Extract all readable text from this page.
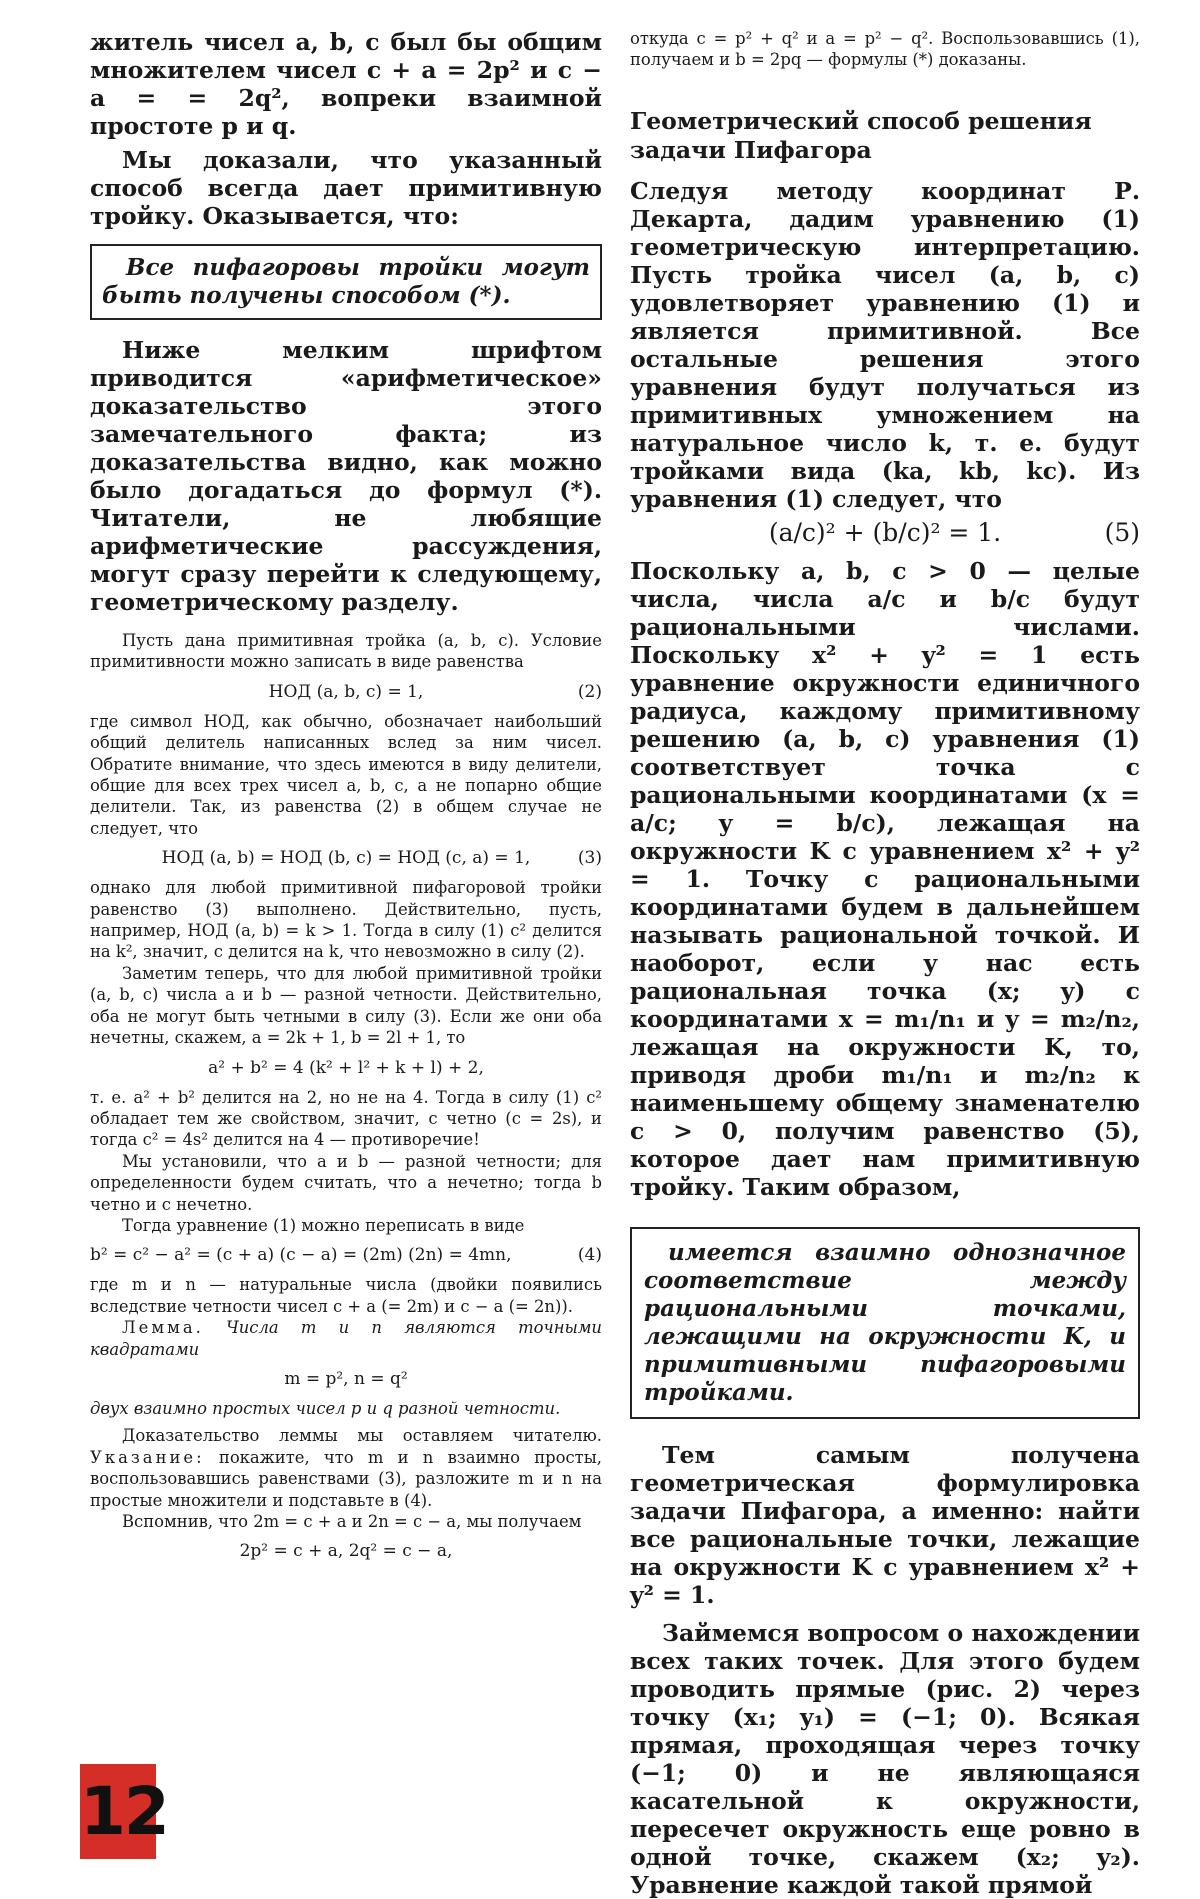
житель чисел a, b, c был бы общим множителем чисел c + a = 2p² и c − a = = 2q², вопреки взаимной простоте p и q.

Мы доказали, что указанный способ всегда дает примитивную тройку. Оказывается, что:

Все пифагоровы тройки могут быть получены способом (*).

Ниже мелким шрифтом приводится «арифметическое» доказательство этого замечательного факта; из доказательства видно, как можно было догадаться до формул (*). Читатели, не любящие арифметические рассуждения, могут сразу перейти к следующему, геометрическому разделу.

Пусть дана примитивная тройка (a, b, c). Условие примитивности можно записать в виде равенства

НОД (a, b, c) = 1,	(2)

где символ НОД, как обычно, обозначает наибольший общий делитель написанных вслед за ним чисел. Обратите внимание, что здесь имеются в виду делители, общие для всех трех чисел a, b, c, а не попарно общие делители. Так, из равенства (2) в общем случае не следует, что

НОД (a, b) = НОД (b, c) = НОД (c, a) = 1,	(3)

однако для любой примитивной пифагоровой тройки равенство (3) выполнено. Действительно, пусть, например, НОД (a, b) = k > 1. Тогда в силу (1) c² делится на k², значит, c делится на k, что невозможно в силу (2).

Заметим теперь, что для любой примитивной тройки (a, b, c) числа a и b — разной четности. Действительно, оба не могут быть четными в силу (3). Если же они оба нечетны, скажем, a = 2k + 1, b = 2l + 1, то

a² + b² = 4 (k² + l² + k + l) + 2,

т. е. a² + b² делится на 2, но не на 4. Тогда в силу (1) c² обладает тем же свойством, значит, c четно (c = 2s), и тогда c² = 4s² делится на 4 — противоречие!

Мы установили, что a и b — разной четности; для определенности будем считать, что a нечетно; тогда b четно и c нечетно.

Тогда уравнение (1) можно переписать в виде

b² = c² − a² = (c + a) (c − a) = (2m) (2n) = 4mn,	(4)

где m и n — натуральные числа (двойки появились вследствие четности чисел c + a (= 2m) и c − a (= 2n)).

Лемма. Числа m и n являются точными квадратами

m = p², n = q²

двух взаимно простых чисел p и q разной четности.

Доказательство леммы мы оставляем читателю. Указание: покажите, что m и n взаимно просты, воспользовавшись равенствами (3), разложите m и n на простые множители и подставьте в (4).

Вспомнив, что 2m = c + a и 2n = c − a, мы получаем

2p² = c + a, 2q² = c − a,

откуда c = p² + q² и a = p² − q². Воспользовавшись (1), получаем и b = 2pq — формулы (*) доказаны.

Геометрический способ решения задачи Пифагора

Следуя методу координат Р. Декарта, дадим уравнению (1) геометрическую интерпретацию. Пусть тройка чисел (a, b, c) удовлетворяет уравнению (1) и является примитивной. Все остальные решения этого уравнения будут получаться из примитивных умножением на натуральное число k, т. е. будут тройками вида (ka, kb, kc). Из уравнения (1) следует, что

(a/c)² + (b/c)² = 1.	(5)

Поскольку a, b, c > 0 — целые числа, числа a/c и b/c будут рациональными числами. Поскольку x² + y² = 1 есть уравнение окружности единичного радиуса, каждому примитивному решению (a, b, c) уравнения (1) соответствует точка с рациональными координатами (x = a/c; y = b/c), лежащая на окружности K с уравнением x² + y² = 1. Точку с рациональными координатами будем в дальнейшем называть рациональной точкой. И наоборот, если у нас есть рациональная точка (x; y) с координатами x = m₁/n₁ и y = m₂/n₂, лежащая на окружности K, то, приводя дроби m₁/n₁ и m₂/n₂ к наименьшему общему знаменателю c > 0, получим равенство (5), которое дает нам примитивную тройку. Таким образом,

имеется взаимно однозначное соответствие между рациональными точками, лежащими на окружности K, и примитивными пифагоровыми тройками.

Тем самым получена геометрическая формулировка задачи Пифагора, а именно: найти все рациональные точки, лежащие на окружности K с уравнением x² + y² = 1.

Займемся вопросом о нахождении всех таких точек. Для этого будем проводить прямые (рис. 2) через точку (x₁; y₁) = (−1; 0). Всякая прямая, проходящая через точку (−1; 0) и не являющаяся касательной к окружности, пересечет окружность еще ровно в одной точке, скажем (x₂; y₂). Уравнение каждой такой прямой

12
